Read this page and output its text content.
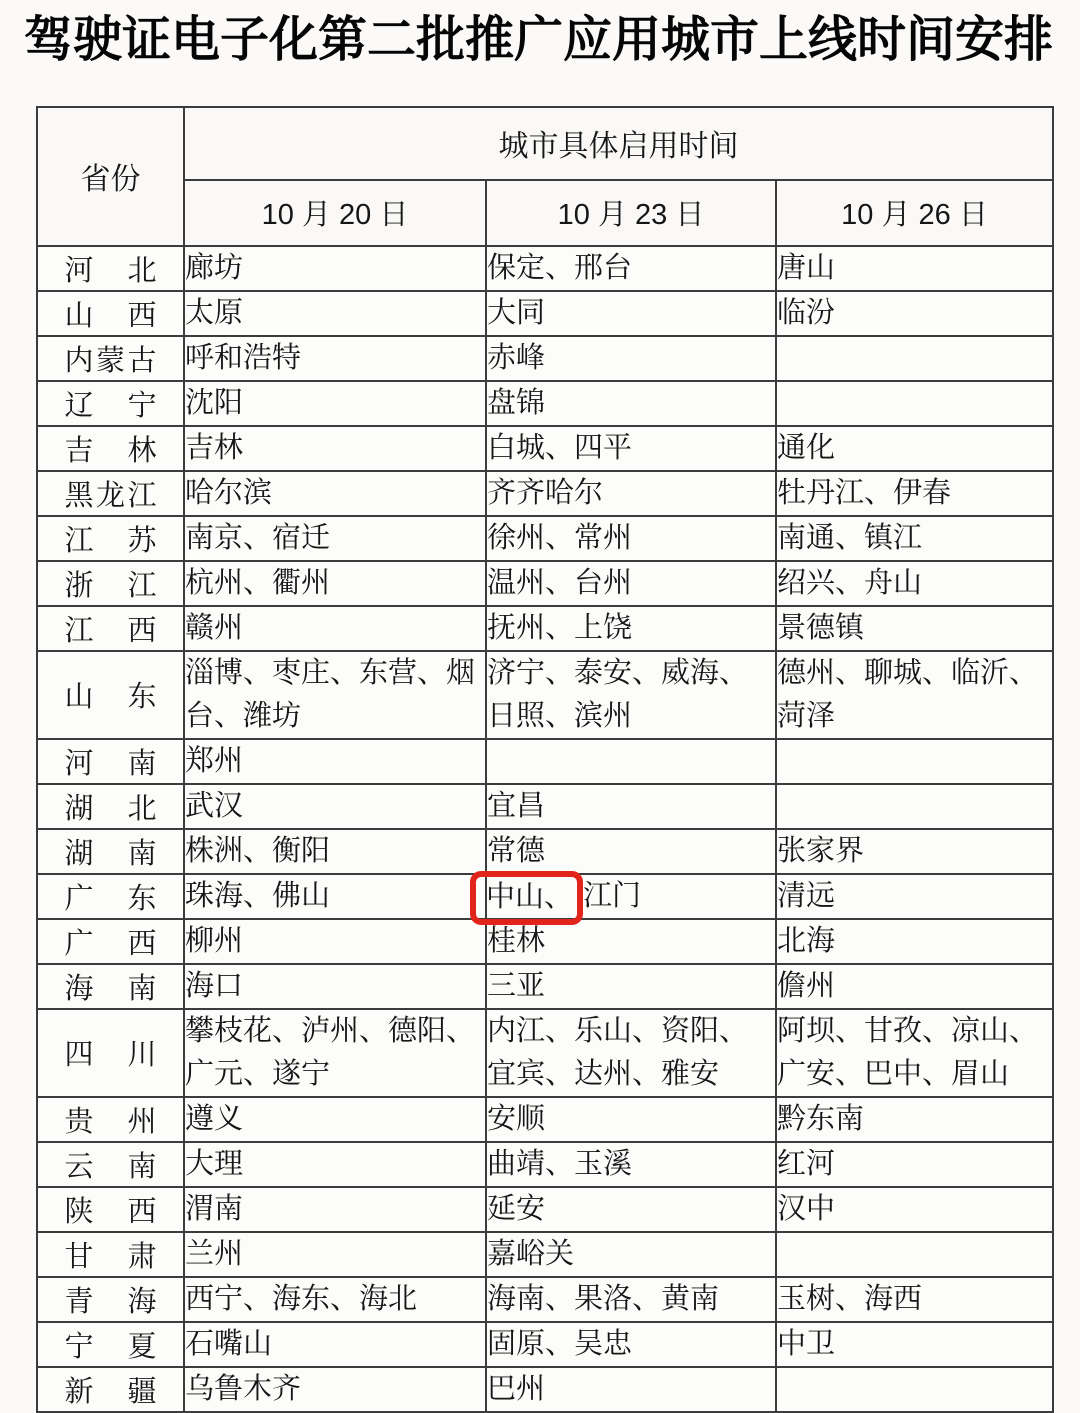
驾驶证电子化第二批推广应用城市上线时间安排
省份	城市具体启用时间		
	10 月 20 日	10 月 23 日	10 月 26 日
河北	廊坊	保定、邢台	唐山
山西	太原	大同	临汾
内蒙古	呼和浩特	赤峰	
辽宁	沈阳	盘锦	
吉林	吉林	白城、四平	通化
黑龙江	哈尔滨	齐齐哈尔	牡丹江、伊春
江苏	南京、宿迁	徐州、常州	南通、镇江
浙江	杭州、衢州	温州、台州	绍兴、舟山
江西	赣州	抚州、上饶	景德镇
山东	淄博、枣庄、东营、烟台、潍坊	济宁、泰安、威海、日照、滨州	德州、聊城、临沂、菏泽
河南	郑州		
湖北	武汉	宜昌	
湖南	株洲、衡阳	常德	张家界
广东	珠海、佛山	中山、 江门	清远
广西	柳州	桂林	北海
海南	海口	三亚	儋州
四川	攀枝花、泸州、德阳、广元、遂宁	内江、乐山、资阳、宜宾、达州、雅安	阿坝、甘孜、凉山、广安、巴中、眉山
贵州	遵义	安顺	黔东南
云南	大理	曲靖、玉溪	红河
陕西	渭南	延安	汉中
甘肃	兰州	嘉峪关	
青海	西宁、海东、海北	海南、果洛、黄南	玉树、海西
宁夏	石嘴山	固原、吴忠	中卫
新疆	乌鲁木齐	巴州	
